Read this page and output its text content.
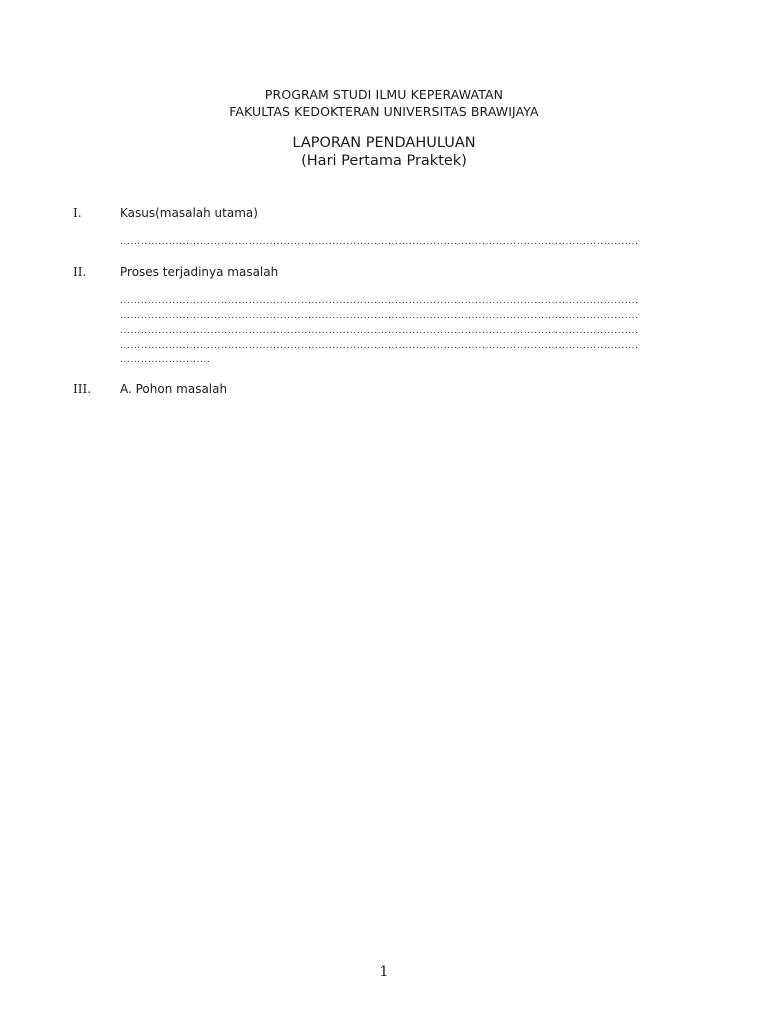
PROGRAM STUDI ILMU KEPERAWATAN
FAKULTAS KEDOKTERAN UNIVERSITAS BRAWIJAYA
LAPORAN PENDAHULUAN
(Hari Pertama Praktek)
I.	Kasus(masalah utama)
.....................................................................................................................................................
II.	Proses terjadinya masalah
.....................................................................................................................................................
.....................................................................................................................................................
.....................................................................................................................................................
.....................................................................................................................................................
..........................
III. A. Pohon masalah
1
